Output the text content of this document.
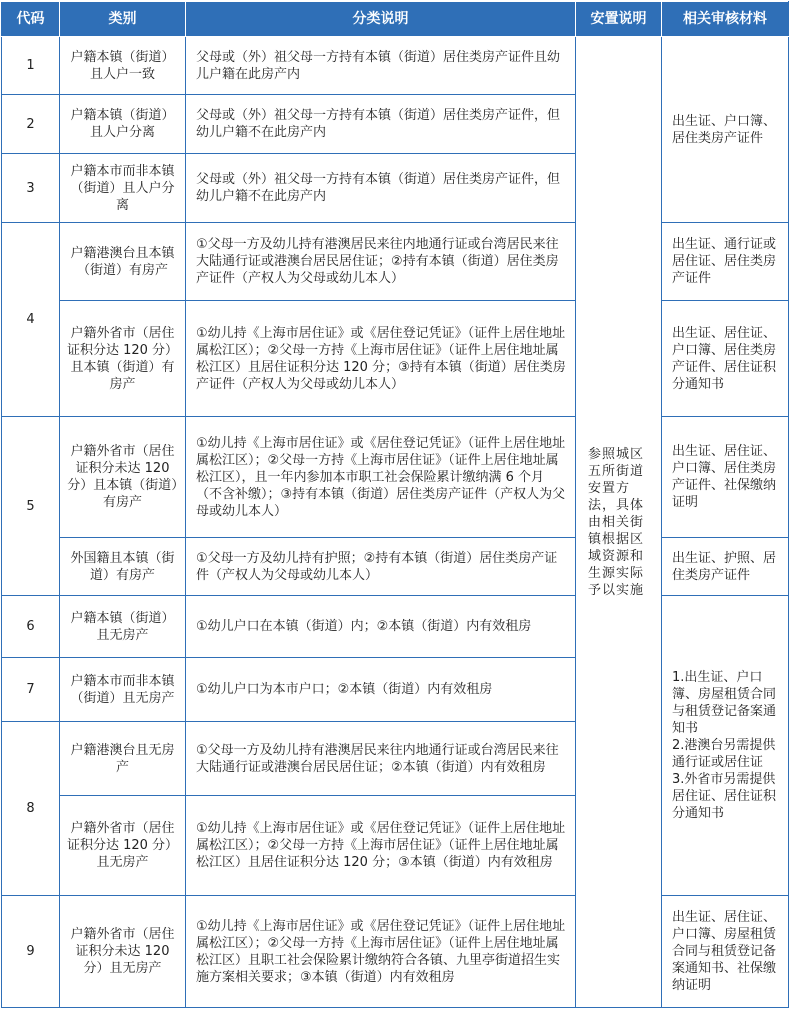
代码	类别	分类说明	安置说明	相关审核材料
1	户籍本镇（街道）且人户一致	父母或（外）祖父母一方持有本镇（街道）居住类房产证件且幼儿户籍在此房产内	参照城区五所街道安置方法，具体由相关街镇根据区域资源和生源实际予以实施	出生证、户口簿、居住类房产证件
2	户籍本镇（街道）且人户分离	父母或（外）祖父母一方持有本镇（街道）居住类房产证件，但幼儿户籍不在此房产内		
3	户籍本市而非本镇（街道）且人户分离	父母或（外）祖父母一方持有本镇（街道）居住类房产证件，但幼儿户籍不在此房产内		
4	户籍港澳台且本镇（街道）有房产	①父母一方及幼儿持有港澳居民来往内地通行证或台湾居民来往大陆通行证或港澳台居民居住证；②持有本镇（街道）居住类房产证件（产权人为父母或幼儿本人）		出生证、通行证或居住证、居住类房产证件
	户籍外省市（居住证积分达 120 分）且本镇（街道）有房产	①幼儿持《上海市居住证》或《居住登记凭证》（证件上居住地址属松江区）；②父母一方持《上海市居住证》（证件上居住地址属松江区）且居住证积分达 120 分；③持有本镇（街道）居住类房产证件（产权人为父母或幼儿本人）		出生证、居住证、户口簿、居住类房产证件、居住证积分通知书
5	户籍外省市（居住证积分未达 120 分）且本镇（街道）有房产	①幼儿持《上海市居住证》或《居住登记凭证》（证件上居住地址属松江区）；②父母一方持《上海市居住证》（证件上居住地址属松江区），且一年内参加本市职工社会保险累计缴纳满 6 个月（不含补缴）；③持有本镇（街道）居住类房产证件（产权人为父母或幼儿本人）		出生证、居住证、户口簿、居住类房产证件、社保缴纳证明
	外国籍且本镇（街道）有房产	①父母一方及幼儿持有护照；②持有本镇（街道）居住类房产证件（产权人为父母或幼儿本人）		出生证、护照、居住类房产证件
6	户籍本镇（街道）且无房产	①幼儿户口在本镇（街道）内；②本镇（街道）内有效租房		1.出生证、户口簿、房屋租赁合同与租赁登记备案通知书
2.港澳台另需提供通行证或居住证
3.外省市另需提供居住证、居住证积分通知书
7	户籍本市而非本镇（街道）且无房产	①幼儿户口为本市户口；②本镇（街道）内有效租房		
8	户籍港澳台且无房产	①父母一方及幼儿持有港澳居民来往内地通行证或台湾居民来往大陆通行证或港澳台居民居住证；②本镇（街道）内有效租房		
	户籍外省市（居住证积分达 120 分）且无房产	①幼儿持《上海市居住证》或《居住登记凭证》（证件上居住地址属松江区）；②父母一方持《上海市居住证》（证件上居住地址属松江区）且居住证积分达 120 分；③本镇（街道）内有效租房		
9	户籍外省市（居住证积分未达 120 分）且无房产	①幼儿持《上海市居住证》或《居住登记凭证》（证件上居住地址属松江区）；②父母一方持《上海市居住证》（证件上居住地址属松江区）且职工社会保险累计缴纳符合各镇、九里亭街道招生实施方案相关要求；③本镇（街道）内有效租房		出生证、居住证、户口簿、房屋租赁合同与租赁登记备案通知书、社保缴纳证明
